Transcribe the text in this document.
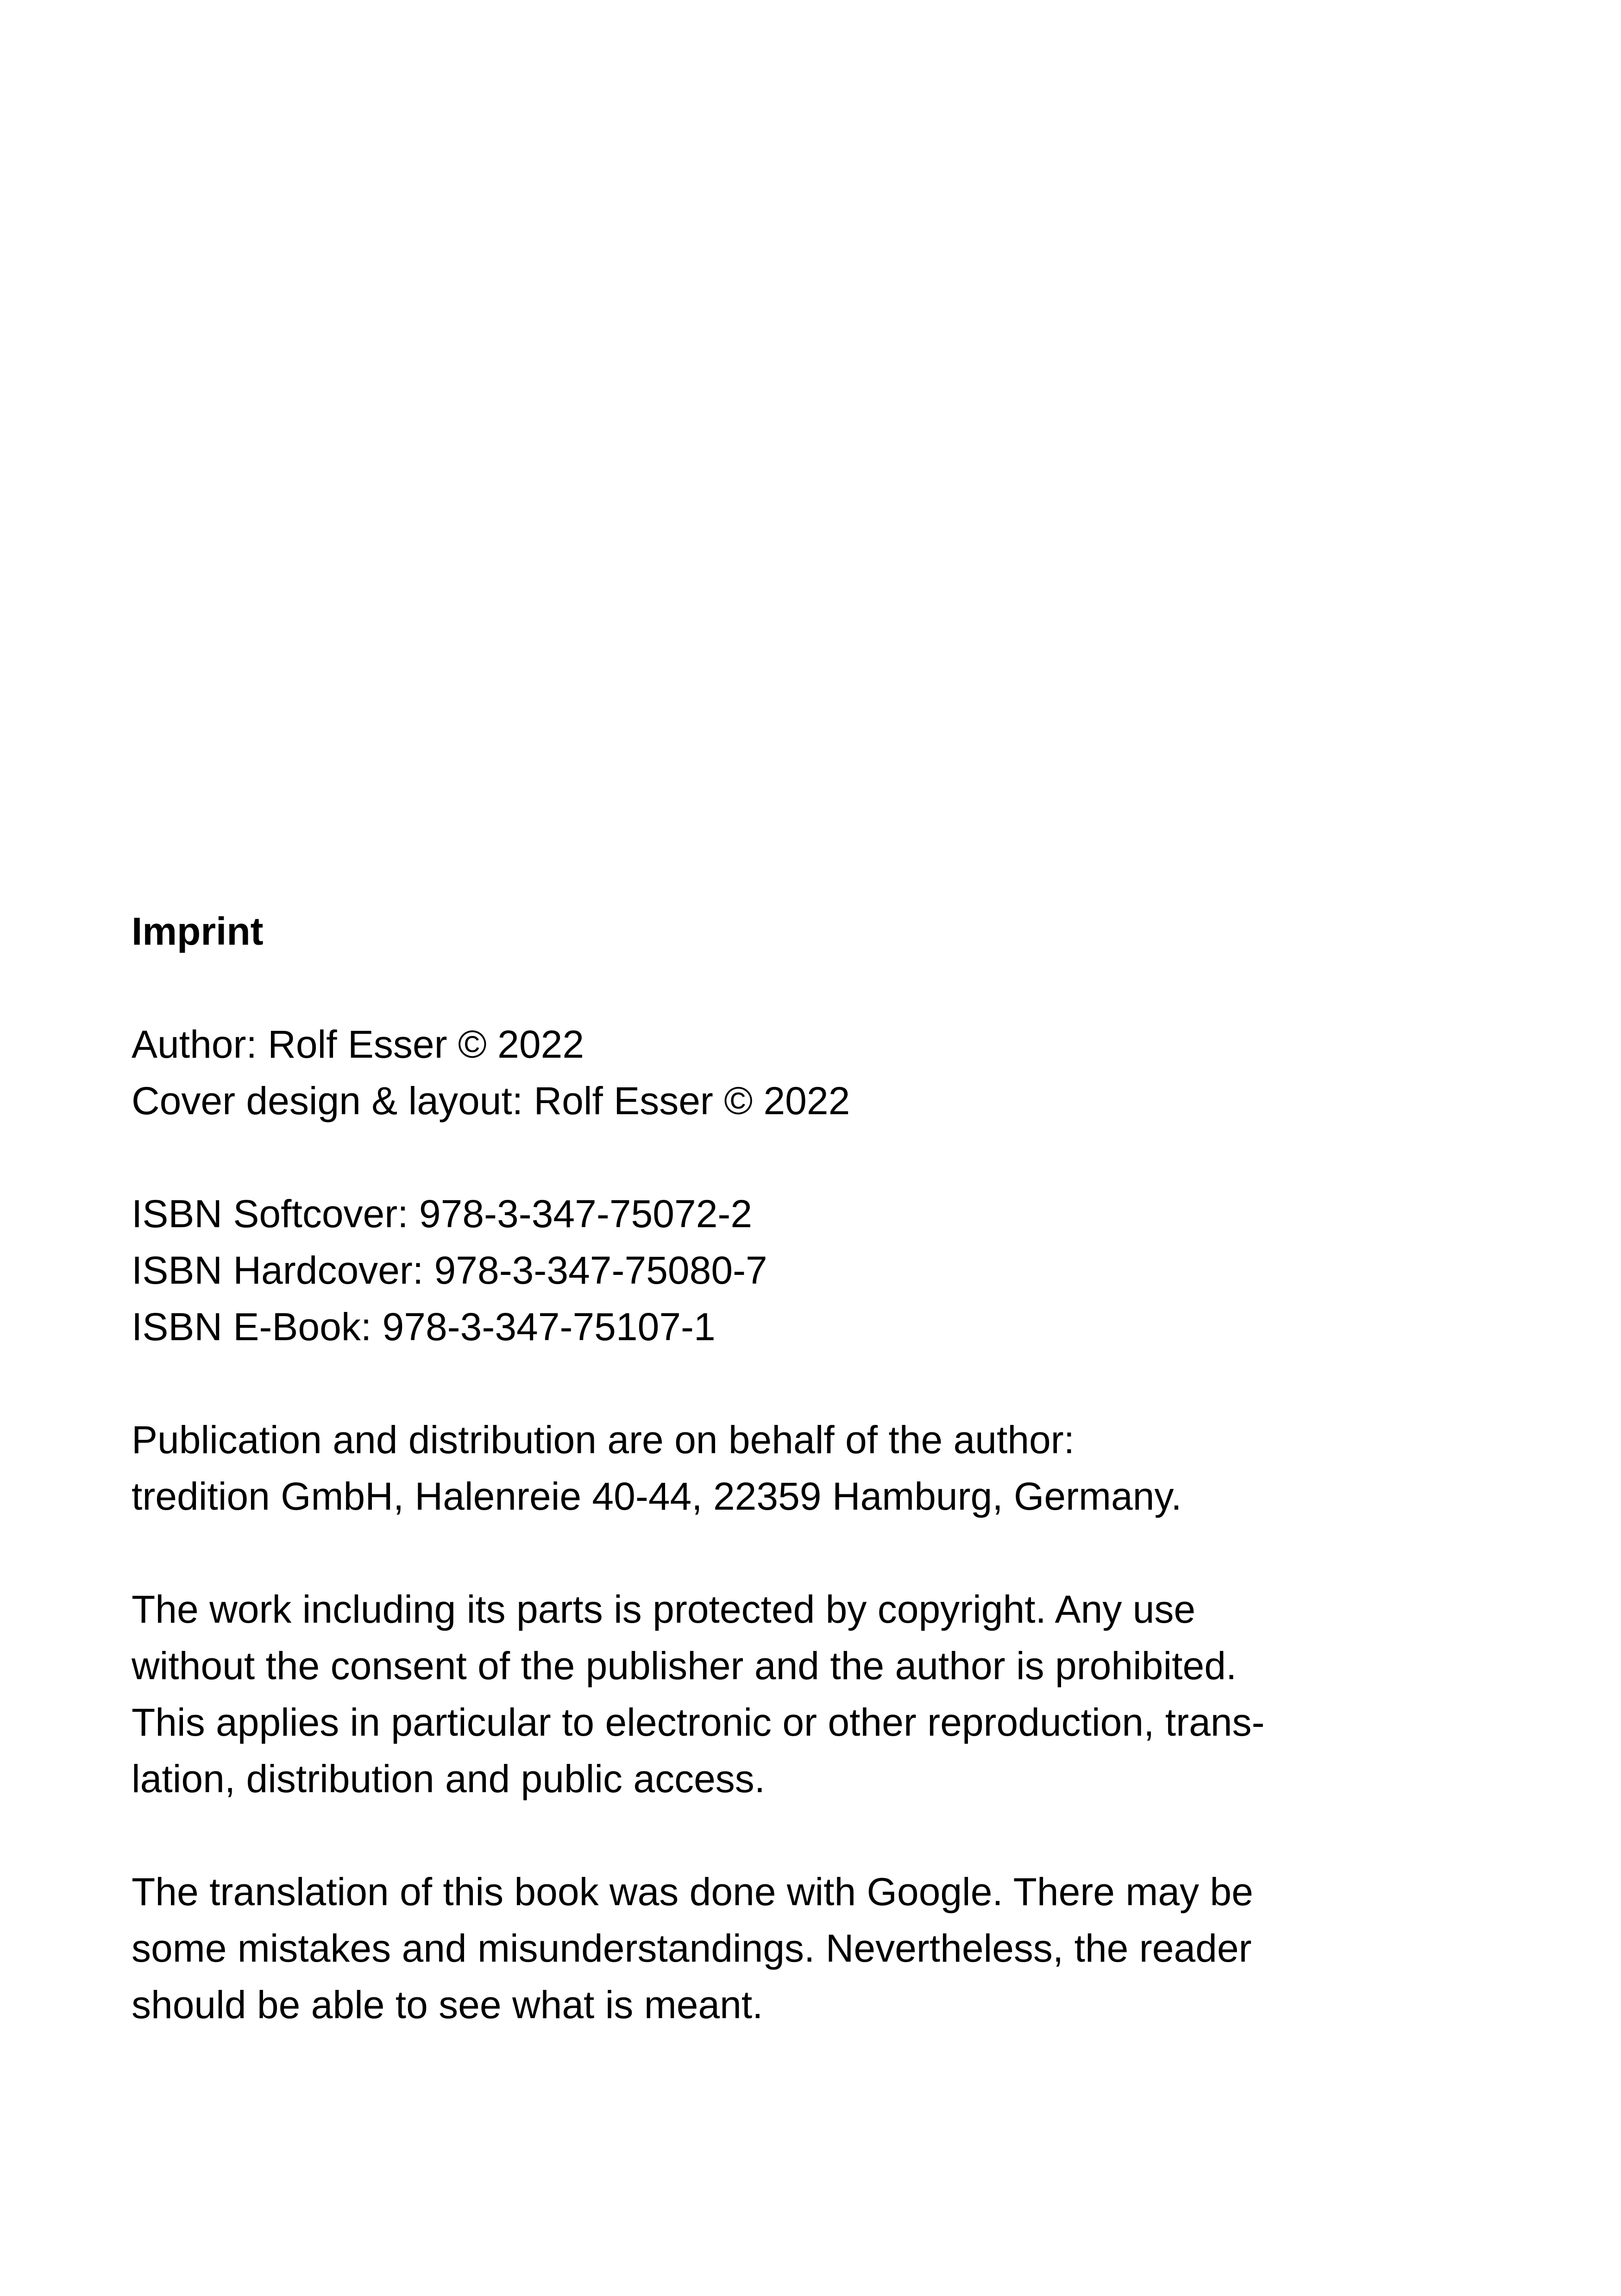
Imprint

Author: Rolf Esser © 2022
Cover design & layout: Rolf Esser © 2022

ISBN Softcover: 978-3-347-75072-2
ISBN Hardcover: 978-3-347-75080-7
ISBN E-Book: 978-3-347-75107-1

Publication and distribution are on behalf of the author:
tredition GmbH, Halenreie 40-44, 22359 Hamburg, Germany.

The work including its parts is protected by copyright. Any use
without the consent of the publisher and the author is prohibited.
This applies in particular to electronic or other reproduction, trans-
lation, distribution and public access.

The translation of this book was done with Google. There may be
some mistakes and misunderstandings. Nevertheless, the reader
should be able to see what is meant.
